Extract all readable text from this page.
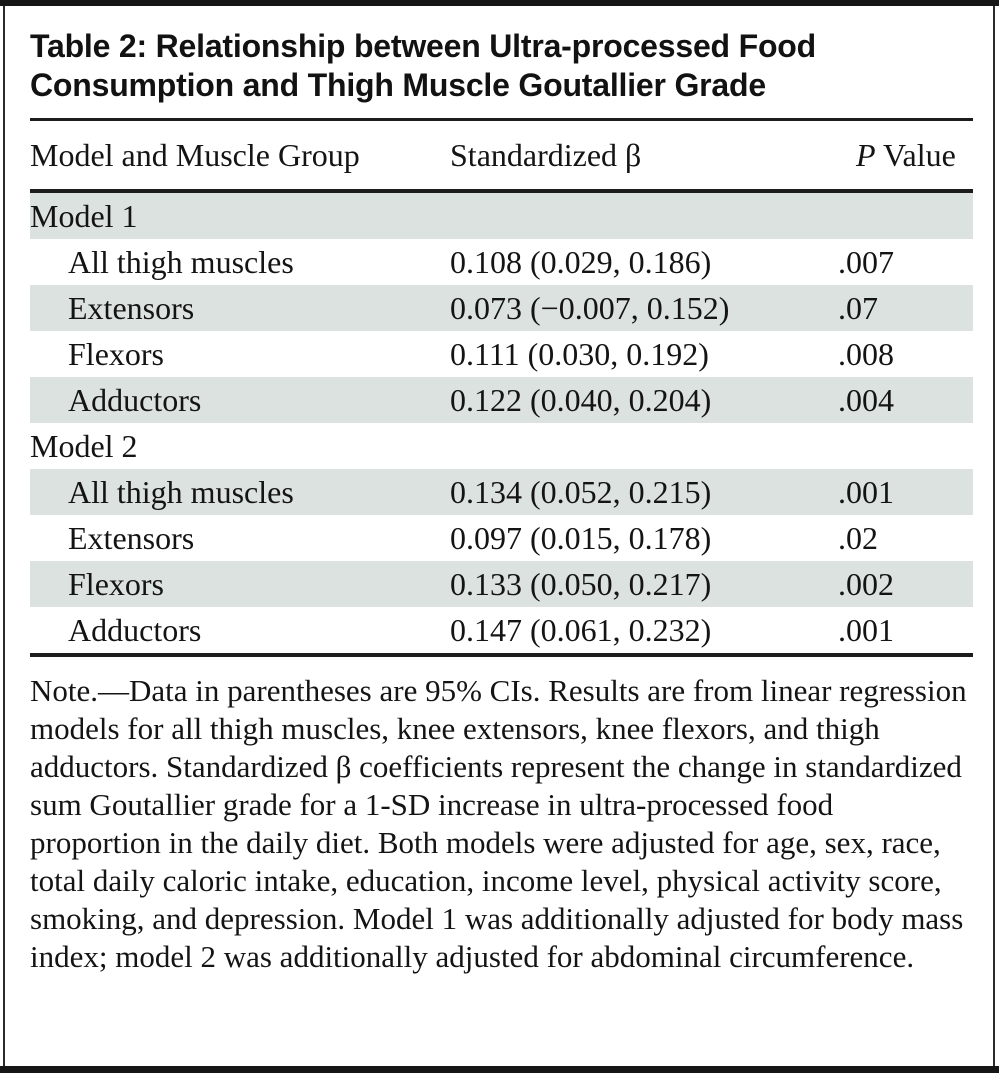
Table 2: Relationship between Ultra-processed Food Consumption and Thigh Muscle Goutallier Grade
Model and Muscle Group	Standardized β	P Value
Model 1
All thigh muscles	0.108 (0.029, 0.186)	.007
Extensors	0.073 (−0.007, 0.152)	.07
Flexors	0.111 (0.030, 0.192)	.008
Adductors	0.122 (0.040, 0.204)	.004
Model 2
All thigh muscles	0.134 (0.052, 0.215)	.001
Extensors	0.097 (0.015, 0.178)	.02
Flexors	0.133 (0.050, 0.217)	.002
Adductors	0.147 (0.061, 0.232)	.001

Note.—Data in parentheses are 95% CIs. Results are from linear regression models for all thigh muscles, knee extensors, knee flexors, and thigh adductors. Standardized β coefficients represent the change in standardized sum Goutallier grade for a 1-SD increase in ultra-processed food proportion in the daily diet. Both models were adjusted for age, sex, race, total daily caloric intake, education, income level, physical activity score, smoking, and depression. Model 1 was additionally adjusted for body mass index; model 2 was additionally adjusted for abdominal circumference.
